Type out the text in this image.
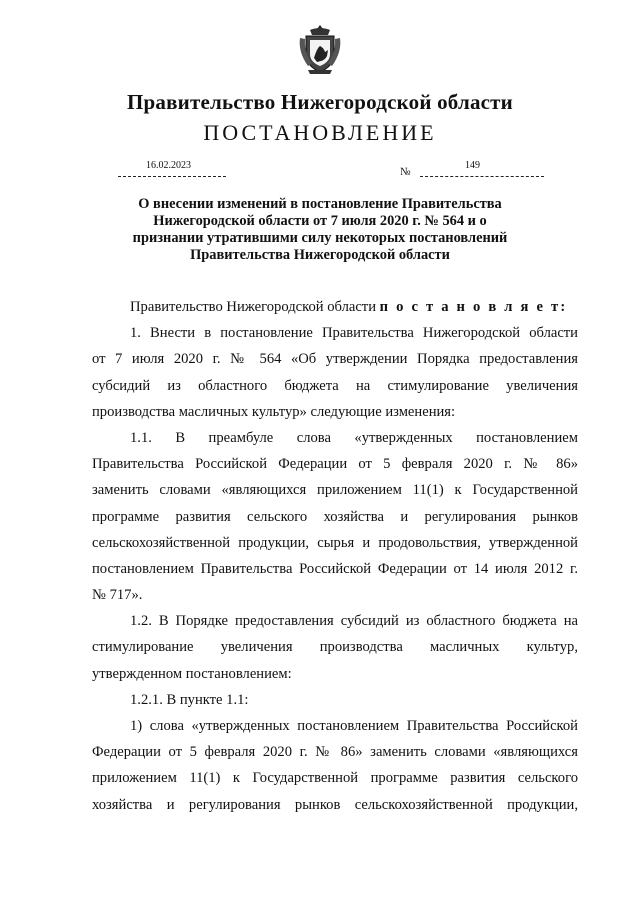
Правительство Нижегородской области
ПОСТАНОВЛЕНИЕ
16.02.2023
№
149
О внесении изменений в постановление Правительства
Нижегородской области от 7 июля 2020 г. № 564 и о
признании утратившими силу некоторых постановлений
Правительства Нижегородской области
Правительство Нижегородской области п о с т а н о в л я е т:
1. Внести в постановление Правительства Нижегородской области
от 7 июля 2020 г. № 564 «Об утверждении Порядка предоставления
субсидий из областного бюджета на стимулирование увеличения
производства масличных культур» следующие изменения:
1.1. В преамбуле слова «утвержденных постановлением
Правительства Российской Федерации от 5 февраля 2020 г. № 86»
заменить словами «являющихся приложением 11(1) к Государственной
программе развития сельского хозяйства и регулирования рынков
сельскохозяйственной продукции, сырья и продовольствия, утвержденной
постановлением Правительства Российской Федерации от 14 июля 2012 г.
№ 717».
1.2. В Порядке предоставления субсидий из областного бюджета на
стимулирование увеличения производства масличных культур,
утвержденном постановлением:
1.2.1. В пункте 1.1:
1) слова «утвержденных постановлением Правительства Российской
Федерации от 5 февраля 2020 г. № 86» заменить словами «являющихся
приложением 11(1) к Государственной программе развития сельского
хозяйства и регулирования рынков сельскохозяйственной продукции,
